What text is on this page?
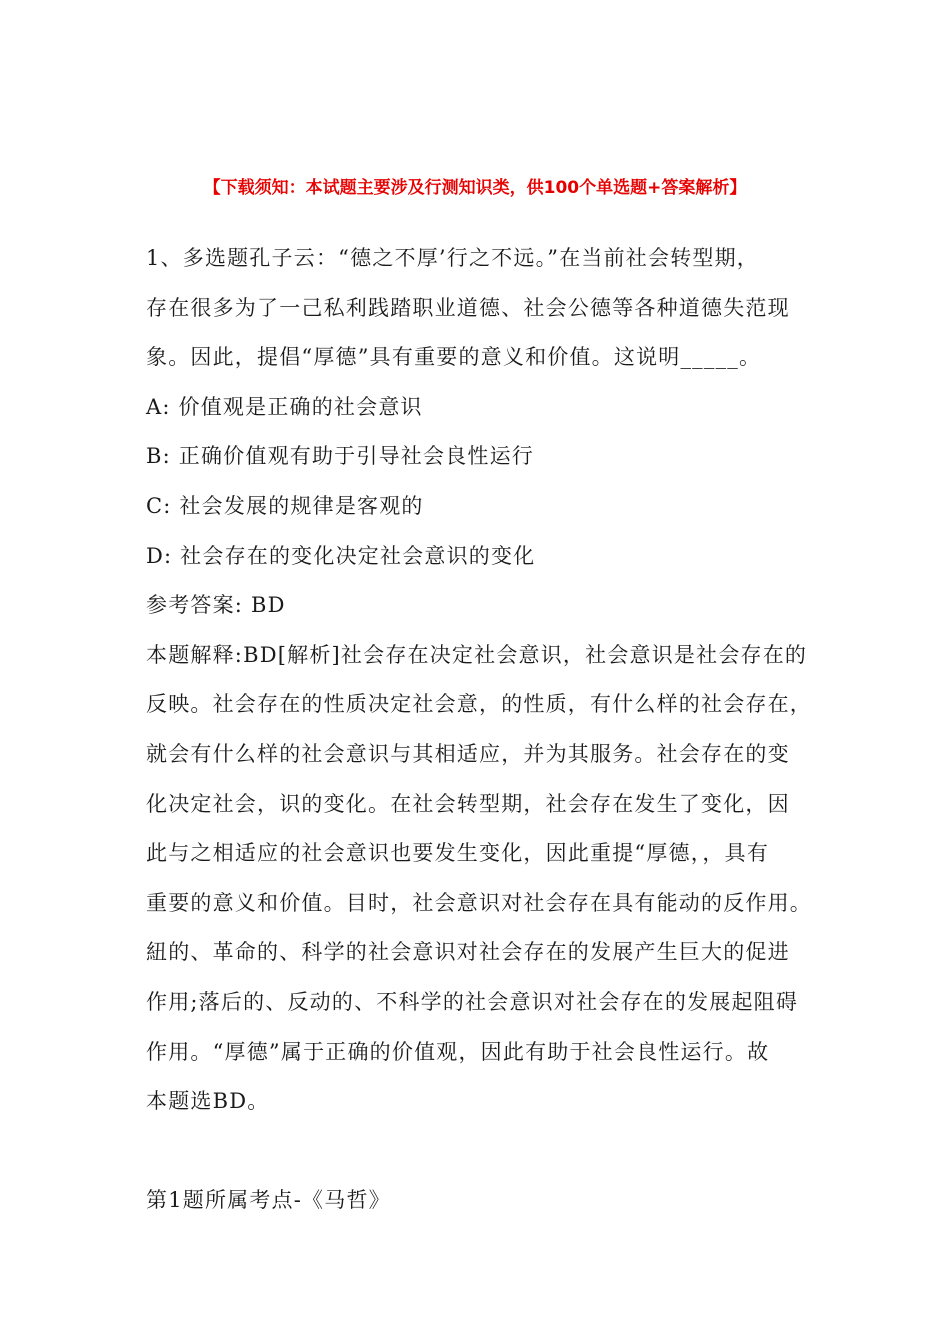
【下载须知：本试题主要涉及行测知识类，供100个单选题+答案解析】
1、多选题孔子云：“德之不厚’行之不远。”在当前社会转型期，
存在很多为了一己私利践踏职业道德、社会公德等各种道德失范现
象。因此，提倡“厚德”具有重要的意义和价值。这说明_____。
A: 价值观是正确的社会意识
B: 正确价值观有助于引导社会良性运行
C: 社会发展的规律是客观的
D: 社会存在的变化决定社会意识的变化
参考答案: BD
本题解释:BD[解析]社会存在决定社会意识，社会意识是社会存在的
反映。社会存在的性质决定社会意，的性质，有什么样的社会存在，
就会有什么样的社会意识与其相适应，并为其服务。社会存在的变
化决定社会，识的变化。在社会转型期，社会存在发生了变化，因
此与之相适应的社会意识也要发生变化，因此重提“厚德，，具有
重要的意义和价值。目时，社会意识对社会存在具有能动的反作用。
紐的、革命的、科学的社会意识对社会存在的发展产生巨大的促进
作用;落后的、反动的、不科学的社会意识对社会存在的发展起阻碍
作用。“厚德”属于正确的价值观，因此有助于社会良性运行。故
本题选BD。
第1题所属考点-《马哲》
